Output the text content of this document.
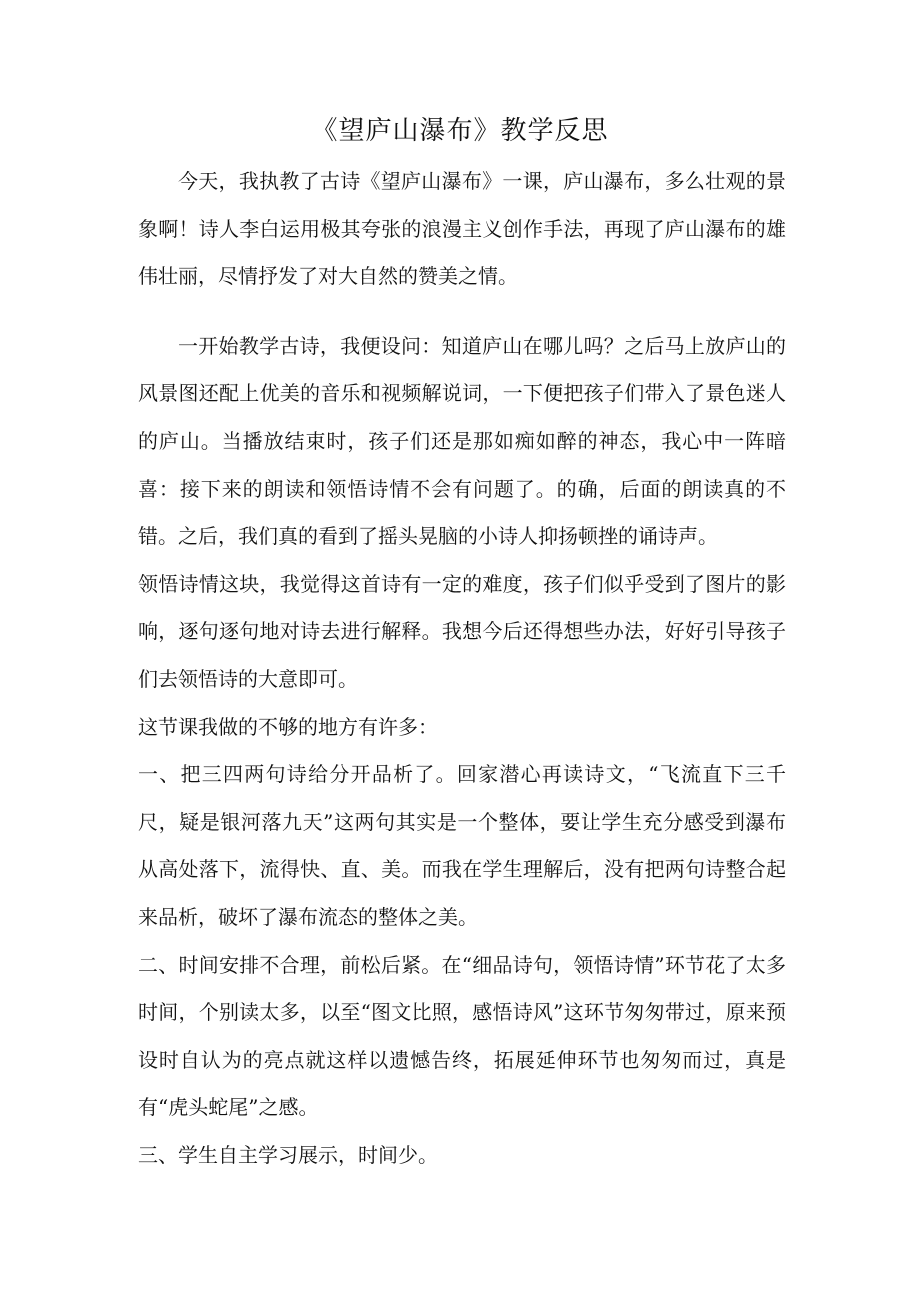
《望庐山瀑布》教学反思

今天，我执教了古诗《望庐山瀑布》一课，庐山瀑布，多么壮观的景象啊！诗人李白运用极其夸张的浪漫主义创作手法，再现了庐山瀑布的雄伟壮丽，尽情抒发了对大自然的赞美之情。

一开始教学古诗，我便设问：知道庐山在哪儿吗？之后马上放庐山的风景图还配上优美的音乐和视频解说词，一下便把孩子们带入了景色迷人的庐山。当播放结束时，孩子们还是那如痴如醉的神态，我心中一阵暗喜：接下来的朗读和领悟诗情不会有问题了。的确，后面的朗读真的不错。之后，我们真的看到了摇头晃脑的小诗人抑扬顿挫的诵诗声。

领悟诗情这块，我觉得这首诗有一定的难度，孩子们似乎受到了图片的影响，逐句逐句地对诗去进行解释。我想今后还得想些办法，好好引导孩子们去领悟诗的大意即可。

这节课我做的不够的地方有许多：

一、把三四两句诗给分开品析了。回家潜心再读诗文，“飞流直下三千尺，疑是银河落九天”这两句其实是一个整体，要让学生充分感受到瀑布从高处落下，流得快、直、美。而我在学生理解后，没有把两句诗整合起来品析，破坏了瀑布流态的整体之美。

二、时间安排不合理，前松后紧。在“细品诗句，领悟诗情”环节花了太多时间，个别读太多，以至“图文比照，感悟诗风”这环节匆匆带过，原来预设时自认为的亮点就这样以遗憾告终，拓展延伸环节也匆匆而过，真是有“虎头蛇尾”之感。

三、学生自主学习展示，时间少。
